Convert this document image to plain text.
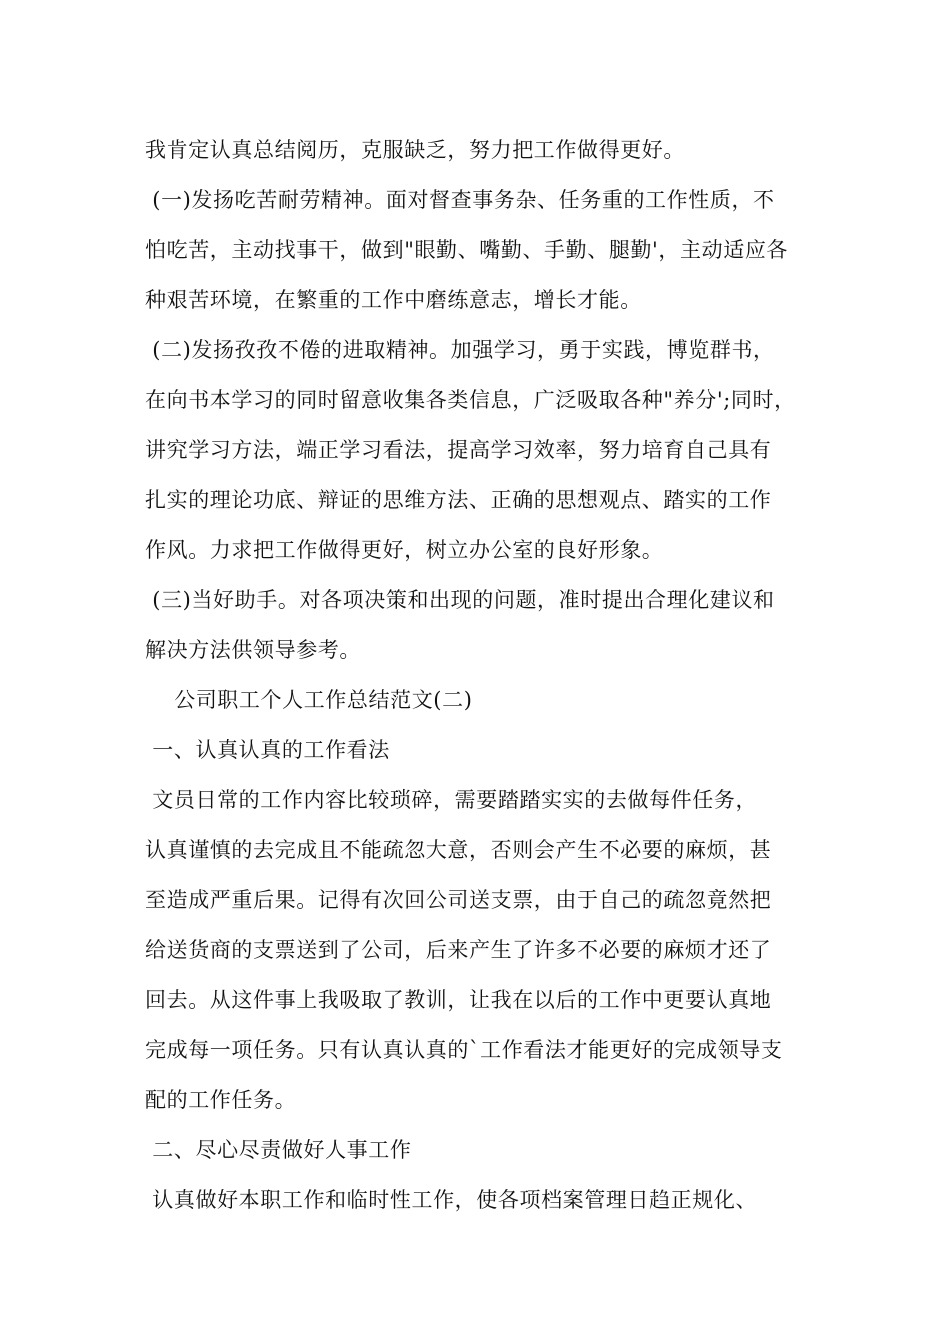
我肯定认真总结阅历，克服缺乏，努力把工作做得更好。
(一)发扬吃苦耐劳精神。面对督查事务杂、任务重的工作性质，不
怕吃苦，主动找事干，做到"眼勤、嘴勤、手勤、腿勤'，主动适应各
种艰苦环境，在繁重的工作中磨练意志，增长才能。
(二)发扬孜孜不倦的进取精神。加强学习，勇于实践，博览群书，
在向书本学习的同时留意收集各类信息，广泛吸取各种"养分';同时，
讲究学习方法，端正学习看法，提高学习效率，努力培育自己具有
扎实的理论功底、辩证的思维方法、正确的思想观点、踏实的工作
作风。力求把工作做得更好，树立办公室的良好形象。
(三)当好助手。对各项决策和出现的问题，准时提出合理化建议和
解决方法供领导参考。
公司职工个人工作总结范文(二)
一、认真认真的工作看法
文员日常的工作内容比较琐碎，需要踏踏实实的去做每件任务，
认真谨慎的去完成且不能疏忽大意，否则会产生不必要的麻烦，甚
至造成严重后果。记得有次回公司送支票，由于自己的疏忽竟然把
给送货商的支票送到了公司，后来产生了许多不必要的麻烦才还了
回去。从这件事上我吸取了教训，让我在以后的工作中更要认真地
完成每一项任务。只有认真认真的`工作看法才能更好的完成领导支
配的工作任务。
二、尽心尽责做好人事工作
认真做好本职工作和临时性工作，使各项档案管理日趋正规化、
